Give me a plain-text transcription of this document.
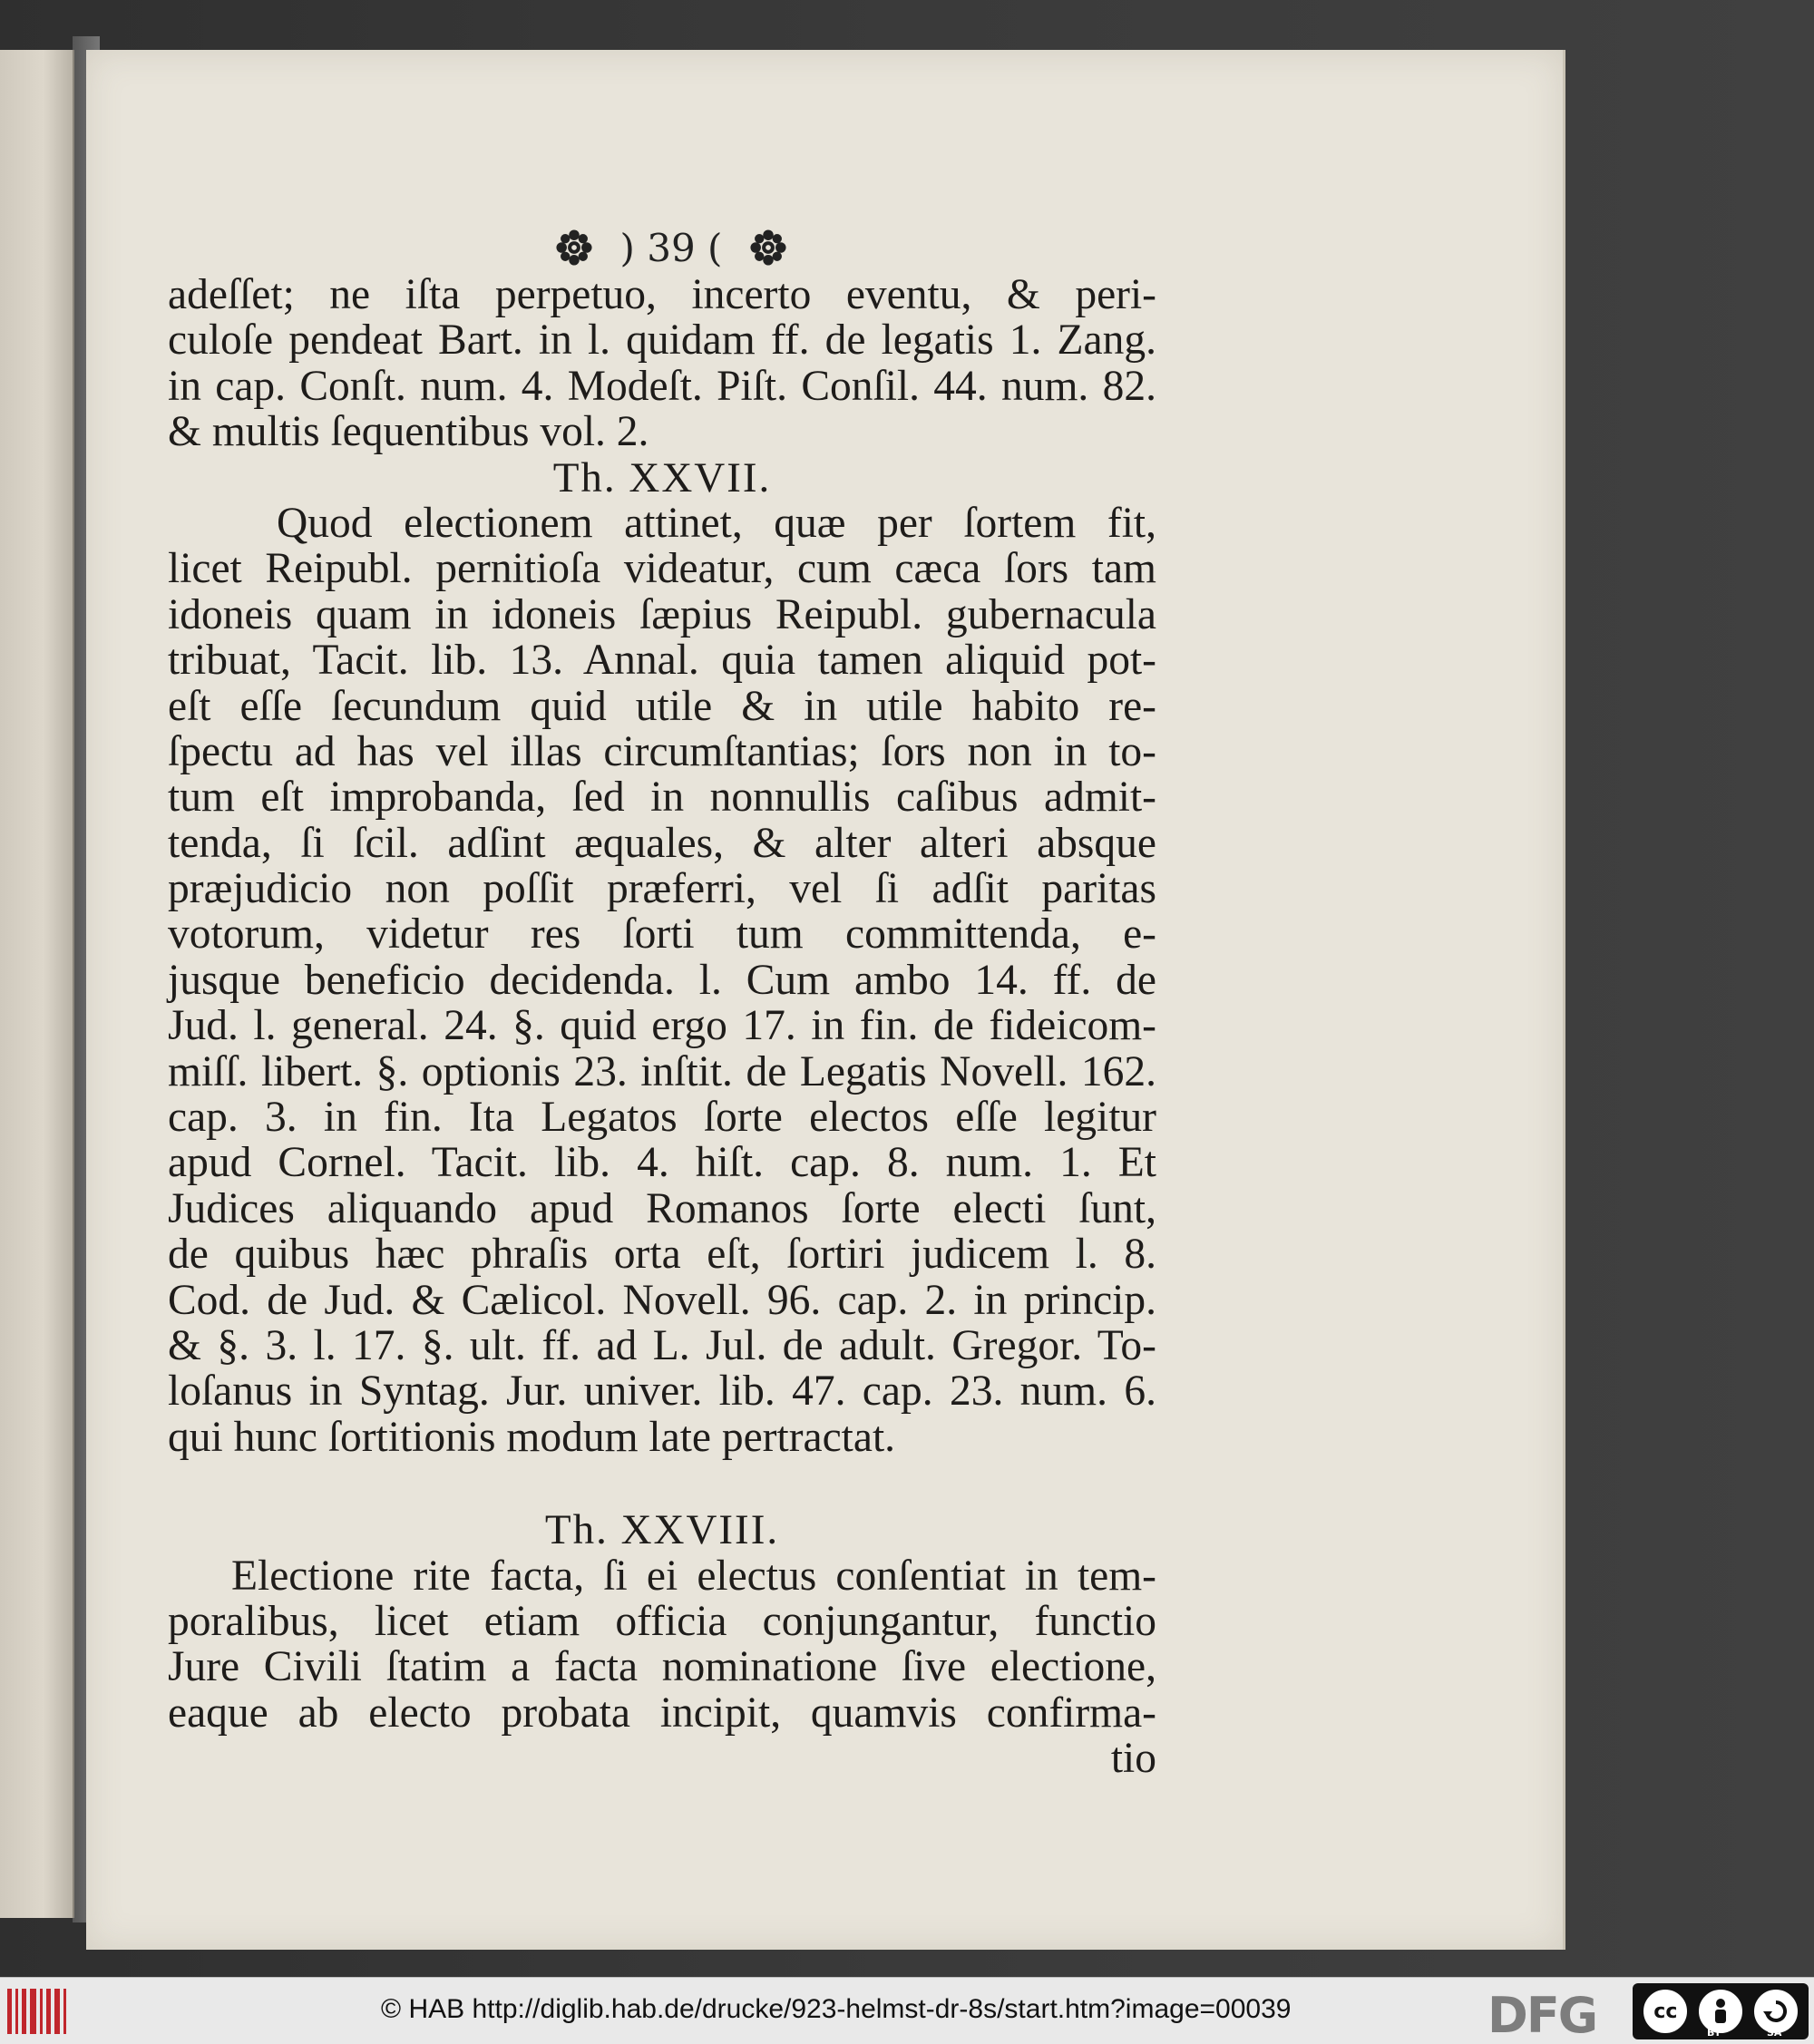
) 39 (
adeſſet; ne iſta perpetuo, incerto eventu, & peri-
culoſe pendeat Bart. in l. quidam ff. de legatis 1. Zang.
in cap. Conſt. num. 4. Modeſt. Piſt. Conſil. 44. num. 82.
& multis ſequentibus vol. 2.
Th. XXVII.
Quod electionem attinet, quæ per ſortem fit,
licet Reipubl. pernitioſa videatur, cum cæca ſors tam
idoneis quam in idoneis ſæpius Reipubl. gubernacula
tribuat, Tacit. lib. 13. Annal. quia tamen aliquid pot-
eſt eſſe ſecundum quid utile & in utile habito re-
ſpectu ad has vel illas circumſtantias; ſors non in to-
tum eſt improbanda, ſed in nonnullis caſibus admit-
tenda, ſi ſcil. adſint æquales, & alter alteri absque
præjudicio non poſſit præferri, vel ſi adſit paritas
votorum, videtur res ſorti tum committenda, e-
jusque beneficio decidenda. l. Cum ambo 14. ff. de
Jud. l. general. 24. §. quid ergo 17. in fin. de fideicom-
miſſ. libert. §. optionis 23. inſtit. de Legatis Novell. 162.
cap. 3. in fin. Ita Legatos ſorte electos eſſe legitur
apud Cornel. Tacit. lib. 4. hiſt. cap. 8. num. 1. Et
Judices aliquando apud Romanos ſorte electi ſunt,
de quibus hæc phraſis orta eſt, ſortiri judicem l. 8.
Cod. de Jud. & Cælicol. Novell. 96. cap. 2. in princip.
& §. 3. l. 17. §. ult. ff. ad L. Jul. de adult. Gregor. To-
loſanus in Syntag. Jur. univer. lib. 47. cap. 23. num. 6.
qui hunc ſortitionis modum late pertractat.
Th. XXVIII.
Electione rite facta, ſi ei electus conſentiat in tem-
poralibus, licet etiam officia conjungantur, functio
Jure Civili ſtatim a facta nominatione ſive electione,
eaque ab electo probata incipit, quamvis confirma-
tio
© HAB http://diglib.hab.de/drucke/923-helmst-dr-8s/start.htm?image=00039	DFG	cc
BY	SA
